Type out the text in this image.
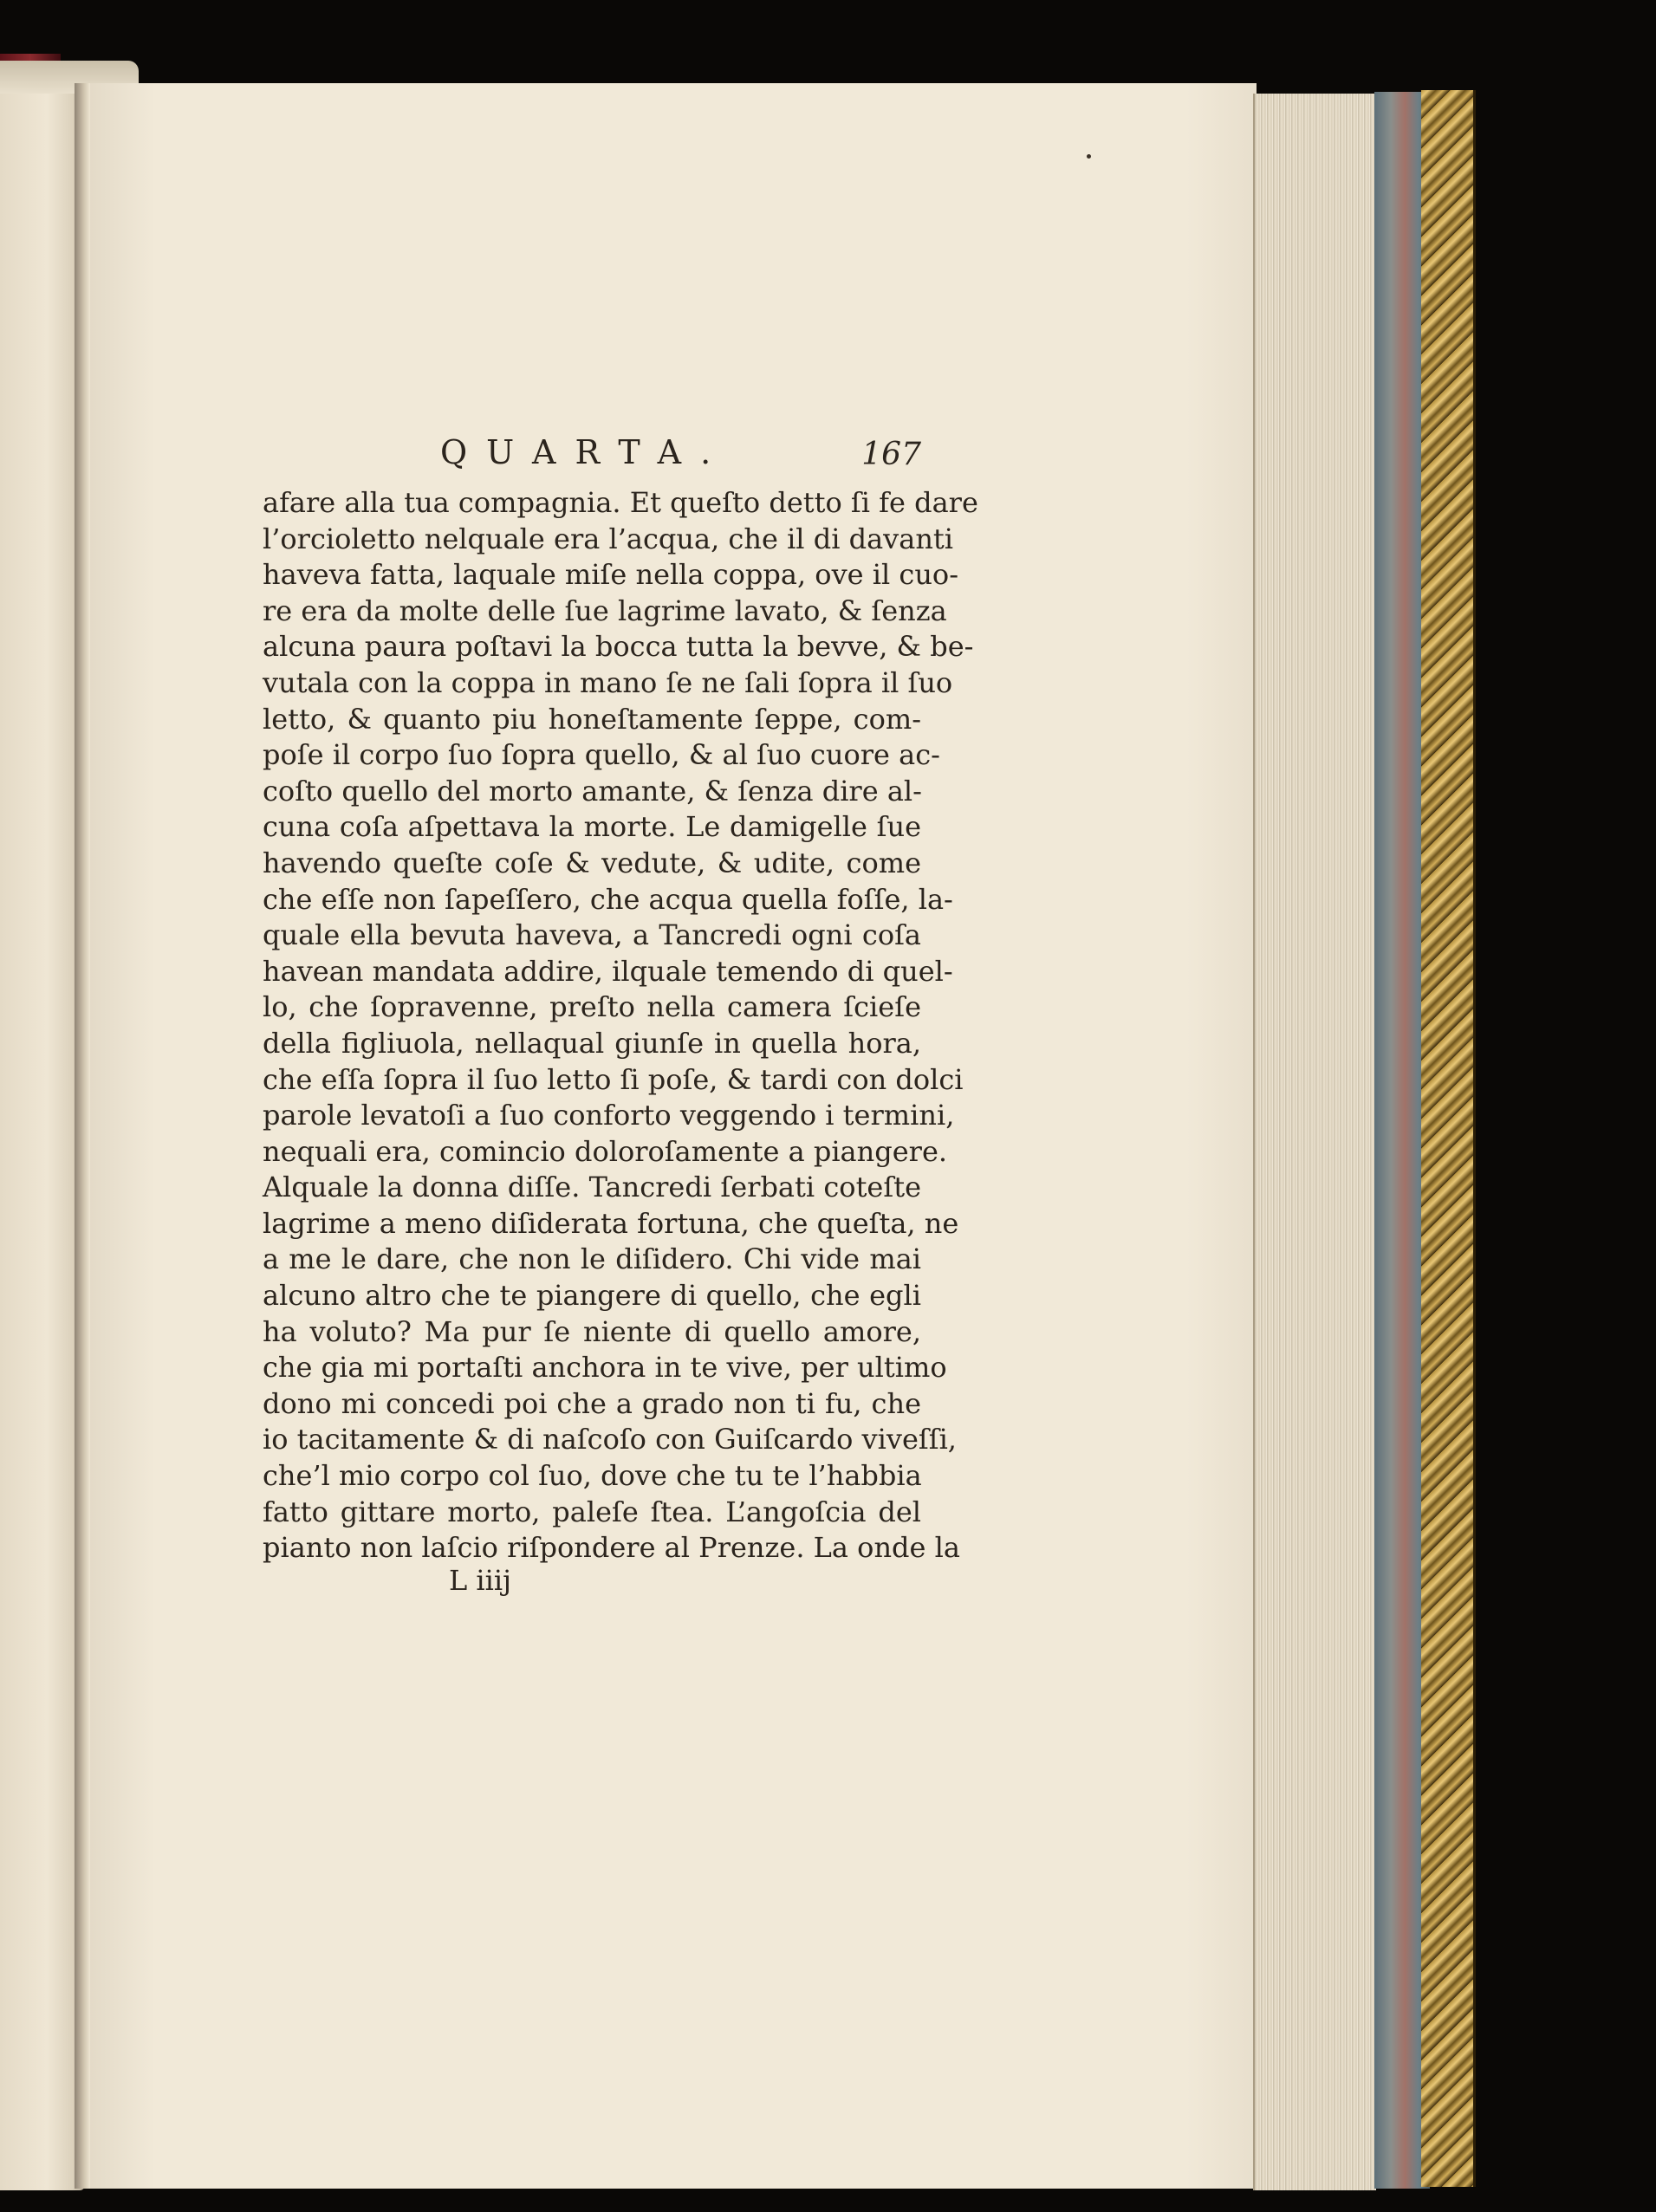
QUARTA.	167
afare alla tua compagnia. Et queſto detto ſi fe dare
l’orcioletto nelquale era l’acqua, che il di davanti
haveva fatta, laquale miſe nella coppa, ove il cuo-
re era da molte delle ſue lagrime lavato, & ſenza
alcuna paura poſtavi la bocca tutta la bevve, & be-
vutala con la coppa in mano ſe ne ſali ſopra il ſuo
letto, & quanto piu honeſtamente ſeppe, com-
poſe il corpo ſuo ſopra quello, & al ſuo cuore ac-
coſto quello del morto amante, & ſenza dire al-
cuna coſa aſpettava la morte. Le damigelle ſue
havendo queſte coſe & vedute, & udite, come
che eſſe non ſapeſſero, che acqua quella foſſe, la-
quale ella bevuta haveva, a Tancredi ogni coſa
havean mandata addire, ilquale temendo di quel-
lo, che ſopravenne, preſto nella camera ſcieſe
della figliuola, nellaqual giunſe in quella hora,
che eſſa ſopra il ſuo letto ſi poſe, & tardi con dolci
parole levatoſi a ſuo conforto veggendo i termini,
nequali era, comincio doloroſamente a piangere.
Alquale la donna diſſe. Tancredi ſerbati coteſte
lagrime a meno diſiderata fortuna, che queſta, ne
a me le dare, che non le diſidero. Chi vide mai
alcuno altro che te piangere di quello, che egli
ha voluto? Ma pur ſe niente di quello amore,
che gia mi portaſti anchora in te vive, per ultimo
dono mi concedi poi che a grado non ti fu, che
io tacitamente & di naſcoſo con Guiſcardo viveſſi,
che’l mio corpo col ſuo, dove che tu te l’habbia
fatto gittare morto, paleſe ſtea. L’angoſcia del
pianto non laſcio riſpondere al Prenze. La onde la
L iiij
